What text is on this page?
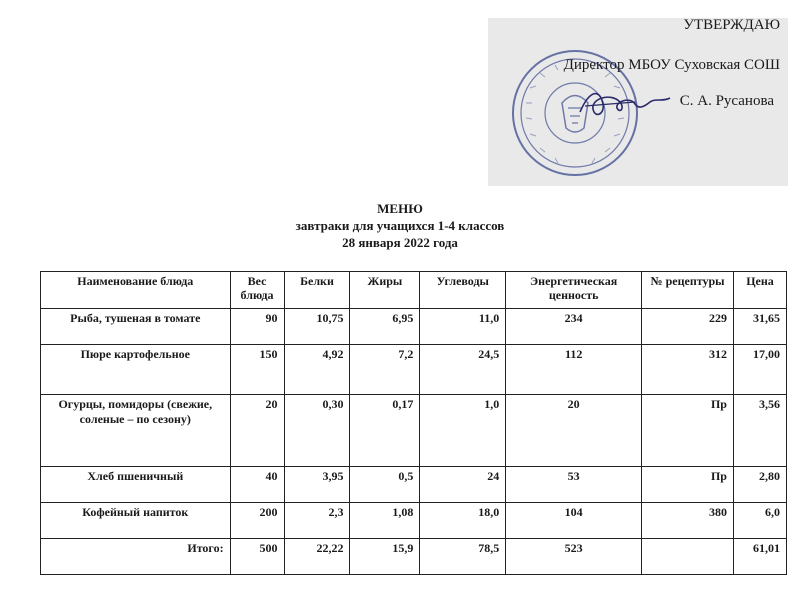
УТВЕРЖДАЮ
Директор МБОУ Суховская СОШ
С. А. Русанова
МЕНЮ
завтраки для учащихся 1-4 классов
28 января 2022 года
Наименование блюда	Вес блюда	Белки	Жиры	Углеводы	Энергетическая ценность	№ рецептуры	Цена
Рыба, тушеная в томате	90	10,75	6,95	11,0	234	229	31,65
Пюре картофельное	150	4,92	7,2	24,5	112	312	17,00
Огурцы, помидоры (свежие, соленые – по сезону)	20	0,30	0,17	1,0	20	Пр	3,56
Хлеб пшеничный	40	3,95	0,5	24	53	Пр	2,80
Кофейный напиток	200	2,3	1,08	18,0	104	380	6,0
Итого:	500	22,22	15,9	78,5	523		61,01
